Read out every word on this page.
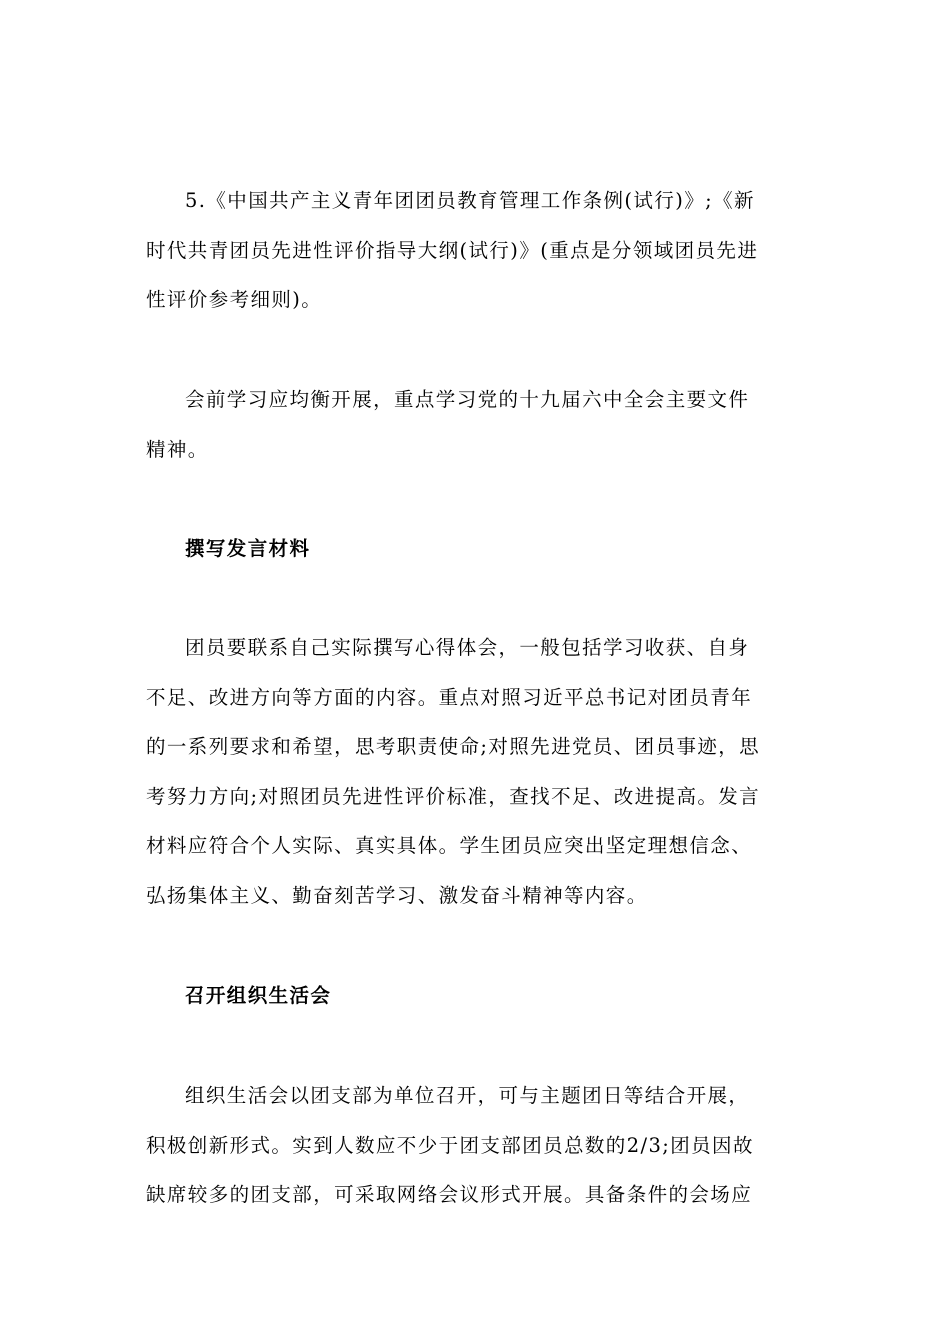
5.《中国共产主义青年团团员教育管理工作条例(试行)》;《新
时代共青团员先进性评价指导大纲(试行)》(重点是分领域团员先进
性评价参考细则)。

会前学习应均衡开展，重点学习党的十九届六中全会主要文件
精神。

撰写发言材料

团员要联系自己实际撰写心得体会，一般包括学习收获、自身
不足、改进方向等方面的内容。重点对照习近平总书记对团员青年
的一系列要求和希望，思考职责使命;对照先进党员、团员事迹，思
考努力方向;对照团员先进性评价标准，查找不足、改进提高。发言
材料应符合个人实际、真实具体。学生团员应突出坚定理想信念、
弘扬集体主义、勤奋刻苦学习、激发奋斗精神等内容。

召开组织生活会

组织生活会以团支部为单位召开，可与主题团日等结合开展，
积极创新形式。实到人数应不少于团支部团员总数的2/3;团员因故
缺席较多的团支部，可采取网络会议形式开展。具备条件的会场应
